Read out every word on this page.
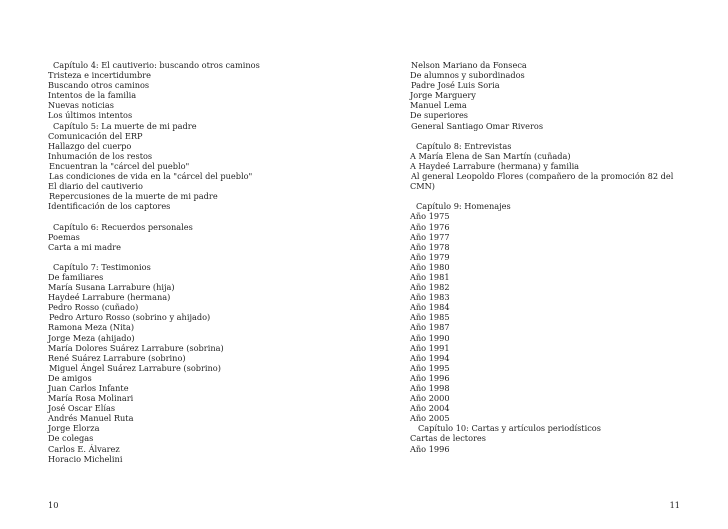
Capítulo 4: El cautiverio: buscando otros caminos
Tristeza e incertidumbre
Buscando otros caminos
Intentos de la familia
Nuevas noticias
Los últimos intentos
Capítulo 5: La muerte de mi padre
Comunicación del ERP
Hallazgo del cuerpo
Inhumación de los restos
Encuentran la "cárcel del pueblo"
Las condiciones de vida en la "cárcel del pueblo"
El diario del cautiverio
Repercusiones de la muerte de mi padre
Identificación de los captores
Capítulo 6: Recuerdos personales
Poemas
Carta a mi madre
Capítulo 7: Testimonios
De familiares
María Susana Larrabure (hija)
Haydeé Larrabure (hermana)
Pedro Rosso (cuñado)
Pedro Arturo Rosso (sobrino y ahijado)
Ramona Meza (Nita)
Jorge Meza (ahijado)
María Dolores Suárez Larrabure (sobrina)
René Suárez Larrabure (sobrino)
Miguel Ángel Suárez Larrabure (sobrino)
De amigos
Juan Carlos Infante
María Rosa Molinari
José Oscar Elías
Andrés Manuel Ruta
Jorge Elorza
De colegas
Carlos E. Álvarez
Horacio Michelini
Nelson Mariano da Fonseca
De alumnos y subordinados
Padre José Luis Soria
Jorge Marguery
Manuel Lema
De superiores
General Santiago Omar Riveros
Capítulo 8: Entrevistas
A María Elena de San Martín (cuñada)
A Haydeé Larrabure (hermana) y familia
Al general Leopoldo Flores (compañero de la promoción 82 del
CMN)
Capítulo 9: Homenajes
Año 1975
Año 1976
Año 1977
Año 1978
Año 1979
Año 1980
Año 1981
Año 1982
Año 1983
Año 1984
Año 1985
Año 1987
Año 1990
Año 1991
Año 1994
Año 1995
Año 1996
Año 1998
Año 2000
Año 2004
Año 2005
Capítulo 10: Cartas y artículos periodísticos
Cartas de lectores
Año 1996
10	11
